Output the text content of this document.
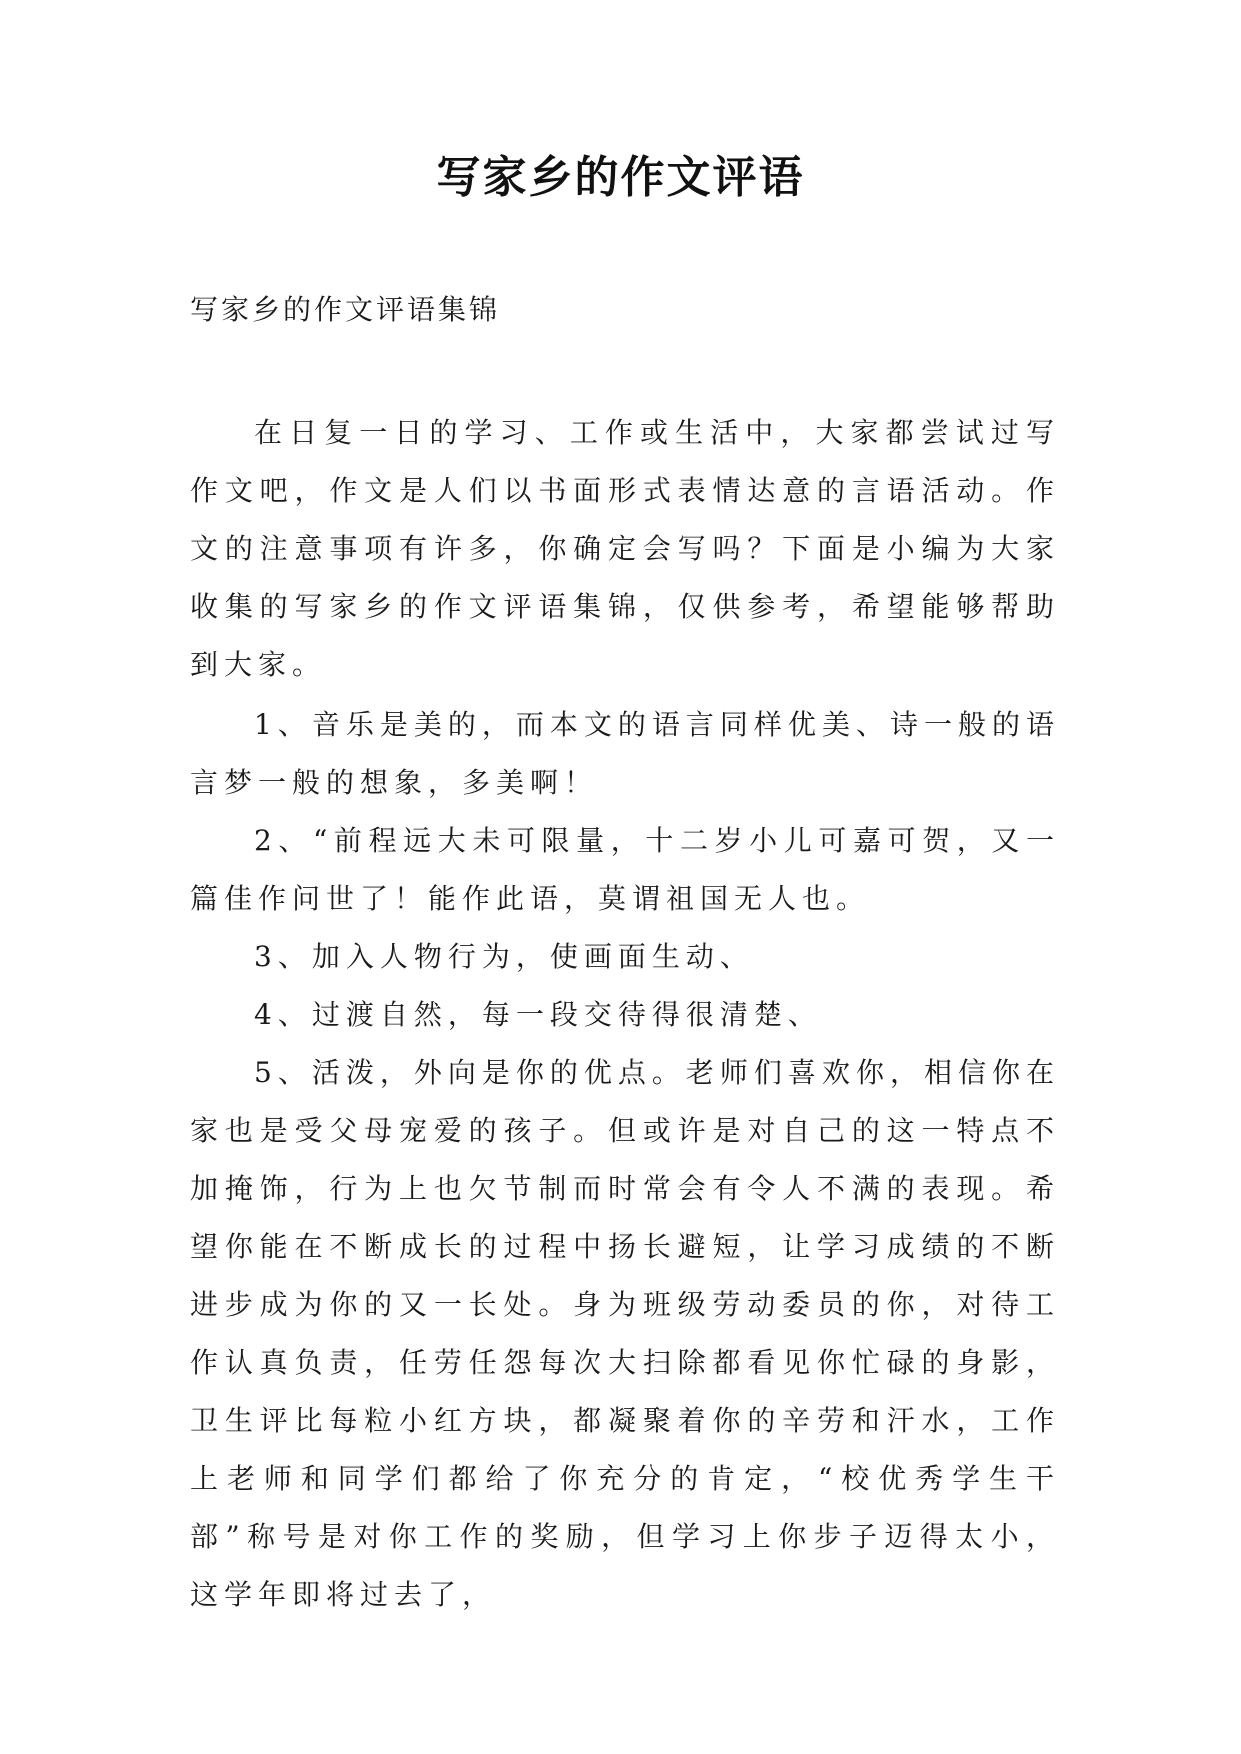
写家乡的作文评语
写家乡的作文评语集锦

在日复一日的学习、工作或生活中，大家都尝试过写作文吧，作文是人们以书面形式表情达意的言语活动。作文的注意事项有许多，你确定会写吗？下面是小编为大家收集的写家乡的作文评语集锦，仅供参考，希望能够帮助到大家。

1、音乐是美的，而本文的语言同样优美、诗一般的语言梦一般的想象，多美啊！

2、“前程远大未可限量，十二岁小儿可嘉可贺，又一篇佳作问世了！能作此语，莫谓祖国无人也。

3、加入人物行为，使画面生动、

4、过渡自然，每一段交待得很清楚、

5、活泼，外向是你的优点。老师们喜欢你，相信你在家也是受父母宠爱的孩子。但或许是对自己的这一特点不加掩饰，行为上也欠节制而时常会有令人不满的表现。希望你能在不断成长的过程中扬长避短，让学习成绩的不断进步成为你的又一长处。身为班级劳动委员的你，对待工作认真负责，任劳任怨每次大扫除都看见你忙碌的身影，卫生评比每粒小红方块，都凝聚着你的辛劳和汗水，工作上老师和同学们都给了你充分的肯定，“校优秀学生干部”称号是对你工作的奖励，但学习上你步子迈得太小，这学年即将过去了，
